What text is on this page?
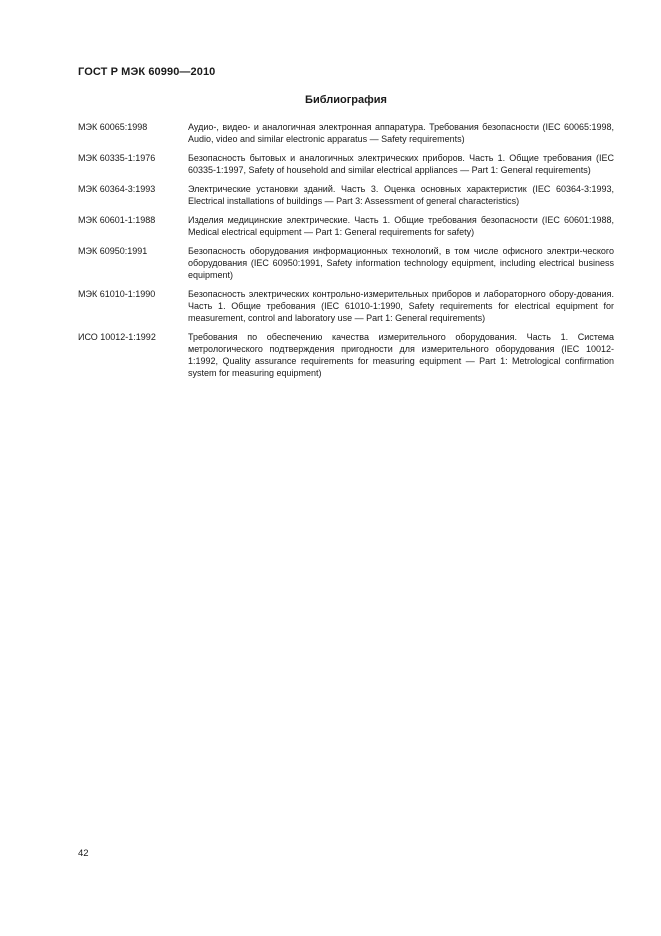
ГОСТ Р МЭК 60990—2010
Библиография
МЭК 60065:1998	Аудио-, видео- и аналогичная электронная аппаратура. Требования безопасности (IEC 60065:1998, Audio, video and similar electronic apparatus — Safety requirements)
МЭК 60335-1:1976	Безопасность бытовых и аналогичных электрических приборов. Часть 1. Общие требования (IEC 60335-1:1997, Safety of household and similar electrical appliances — Part 1: General requirements)
МЭК 60364-3:1993	Электрические установки зданий. Часть 3. Оценка основных характеристик (IEC 60364-3:1993, Electrical installations of buildings — Part 3: Assessment of general characteristics)
МЭК 60601-1:1988	Изделия медицинские электрические. Часть 1. Общие требования безопасности (IEC 60601:1988, Medical electrical equipment — Part 1: General requirements for safety)
МЭК 60950:1991	Безопасность оборудования информационных технологий, в том числе офисного электри-ческого оборудования (IEC 60950:1991, Safety information technology equipment, including electrical business equipment)
МЭК 61010-1:1990	Безопасность электрических контрольно-измерительных приборов и лабораторного обору-дования. Часть 1. Общие требования (IEC 61010-1:1990, Safety requirements for electrical equipment for measurement, control and laboratory use — Part 1: General requirements)
ИСО 10012-1:1992	Требования по обеспечению качества измерительного оборудования. Часть 1. Система метрологического подтверждения пригодности для измерительного оборудования (IEC 10012-1:1992, Quality assurance requirements for measuring equipment — Part 1: Metrological confirmation system for measuring equipment)
42
